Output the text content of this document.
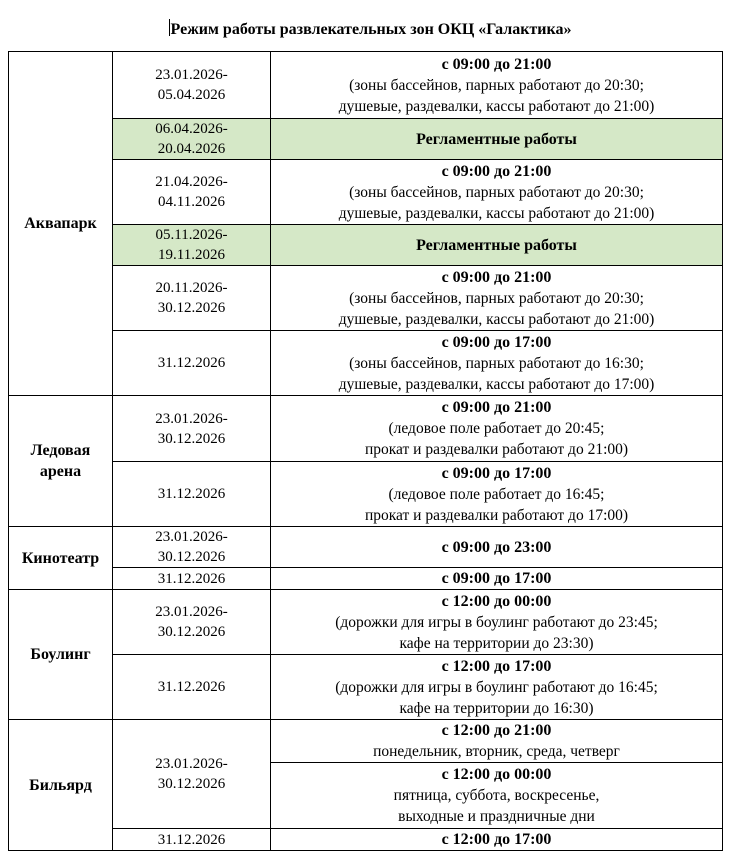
Режим работы развлекательных зон ОКЦ «Галактика»
Аквапарк	23.01.2026-
05.04.2026	с 09:00 до 21:00
(зоны бассейнов, парных работают до 20:30;
душевые, раздевалки, кассы работают до 21:00)

	06.04.2026-
20.04.2026	Регламентные работы

	21.04.2026-
04.11.2026	с 09:00 до 21:00
(зоны бассейнов, парных работают до 20:30;
душевые, раздевалки, кассы работают до 21:00)

	05.11.2026-
19.11.2026	Регламентные работы

	20.11.2026-
30.12.2026	с 09:00 до 21:00
(зоны бассейнов, парных работают до 20:30;
душевые, раздевалки, кассы работают до 21:00)

	31.12.2026	с 09:00 до 17:00
(зоны бассейнов, парных работают до 16:30;
душевые, раздевалки, кассы работают до 17:00)

Ледовая
арена	23.01.2026-
30.12.2026	с 09:00 до 21:00
(ледовое поле работает до 20:45;
прокат и раздевалки работают до 21:00)

	31.12.2026	с 09:00 до 17:00
(ледовое поле работает до 16:45;
прокат и раздевалки работают до 17:00)

Кинотеатр	23.01.2026-
30.12.2026	с 09:00 до 23:00

	31.12.2026	с 09:00 до 17:00

Боулинг	23.01.2026-
30.12.2026	с 12:00 до 00:00
(дорожки для игры в боулинг работают до 23:45;
кафе на территории до 23:30)

	31.12.2026	с 12:00 до 17:00
(дорожки для игры в боулинг работают до 16:45;
кафе на территории до 16:30)

Бильярд	23.01.2026-
30.12.2026	с 12:00 до 21:00
понедельник, вторник, среда, четверг

		с 12:00 до 00:00
пятница, суббота, воскресенье,
выходные и праздничные дни

	31.12.2026	с 12:00 до 17:00
